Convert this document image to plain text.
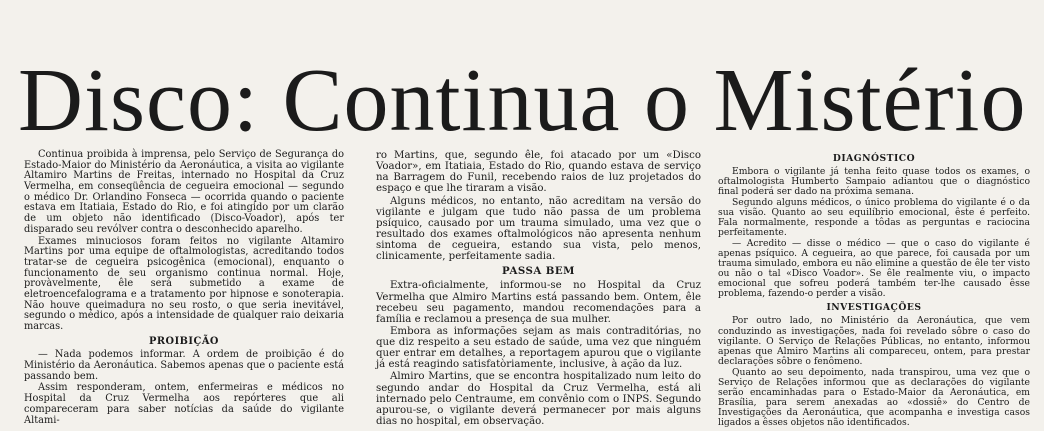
Disco: Continua o Mistério

Continua proibida à imprensa, pelo Serviço de Segurança do Estado-Maior do Ministério da Aeronáutica, a visita ao vigilante Altamiro Martins de Freitas, internado no Hospital da Cruz Vermelha, em conseqüência de cegueira emocional — segundo o médico Dr. Orlandino Fonseca — ocorrida quando o paciente estava em Itatiaia, Estado do Rio, e foi atingido por um clarão de um objeto não identificado (Disco-Voador), após ter disparado seu revólver contra o desconhecido aparelho.

Exames minuciosos foram feitos no vigilante Altamiro Martins por uma equipe de oftalmologistas, acreditando todos tratar-se de cegueira psicogênica (emocional), enquanto o funcionamento de seu organismo continua normal. Hoje, provàvelmente, êle será submetido a exame de eletroencefalograma e a tratamento por hipnose e sonoterapia. Não houve queimadura no seu rosto, o que seria inevitável, segundo o médico, após a intensidade de qualquer raio deixaria marcas.

PROIBIÇÃO

— Nada podemos informar. A ordem de proibição é do Ministério da Aeronáutica. Sabemos apenas que o paciente está passando bem.

Assim responderam, ontem, enfermeiras e médicos no Hospital da Cruz Vermelha aos repórteres que ali compareceram para saber notícias da saúde do vigilante Altami-

ro Martins, que, segundo êle, foi atacado por um «Disco Voador», em Itatiaia, Estado do Rio, quando estava de serviço na Barragem do Funil, recebendo raios de luz projetados do espaço e que lhe tiraram a visão.

Alguns médicos, no entanto, não acreditam na versão do vigilante e julgam que tudo não passa de um problema psíquico, causado por um trauma simulado, uma vez que o resultado dos exames oftalmológicos não apresenta nenhum sintoma de cegueira, estando sua vista, pelo menos, clinicamente, perfeitamente sadia.

PASSA BEM

Extra-oficialmente, informou-se no Hospital da Cruz Vermelha que Almiro Martins está passando bem. Ontem, êle recebeu seu pagamento, mandou recomendações para a família e reclamou a presença de sua mulher.

Embora as informações sejam as mais contraditórias, no que diz respeito a seu estado de saúde, uma vez que ninguém quer entrar em detalhes, a reportagem apurou que o vigilante já está reagindo satisfatòriamente, inclusive, à ação da luz.

Almiro Martins, que se encontra hospitalizado num leito do segundo andar do Hospital da Cruz Vermelha, está ali internado pelo Centraume, em convênio com o INPS. Segundo apurou-se, o vigilante deverá permanecer por mais alguns dias no hospital, em observação.

DIAGNÓSTICO

Embora o vigilante já tenha feito quase todos os exames, o oftalmologista Humberto Sampaio adiantou que o diagnóstico final poderá ser dado na próxima semana.

Segundo alguns médicos, o único problema do vigilante é o da sua visão. Quanto ao seu equilíbrio emocional, êste é perfeito. Fala normalmente, responde a tôdas as perguntas e raciocina perfeitamente.

— Acredito — disse o médico — que o caso do vigilante é apenas psíquico. A cegueira, ao que parece, foi causada por um trauma simulado, embora eu não elimine a questão de êle ter visto ou não o tal «Disco Voador». Se êle realmente viu, o impacto emocional que sofreu poderá também ter-lhe causado êsse problema, fazendo-o perder a visão.

INVESTIGAÇÕES

Por outro lado, no Ministério da Aeronáutica, que vem conduzindo as investigações, nada foi revelado sôbre o caso do vigilante. O Serviço de Relações Públicas, no entanto, informou apenas que Almiro Martins ali compareceu, ontem, para prestar declarações sôbre o fenômeno.

Quanto ao seu depoimento, nada transpirou, uma vez que o Serviço de Relações informou que as declarações do vigilante serão encaminhadas para o Estado-Maior da Aeronáutica, em Brasília, para serem anexadas ao «dossiê» do Centro de Investigações da Aeronáutica, que acompanha e investiga casos ligados a êsses objetos não identificados.
